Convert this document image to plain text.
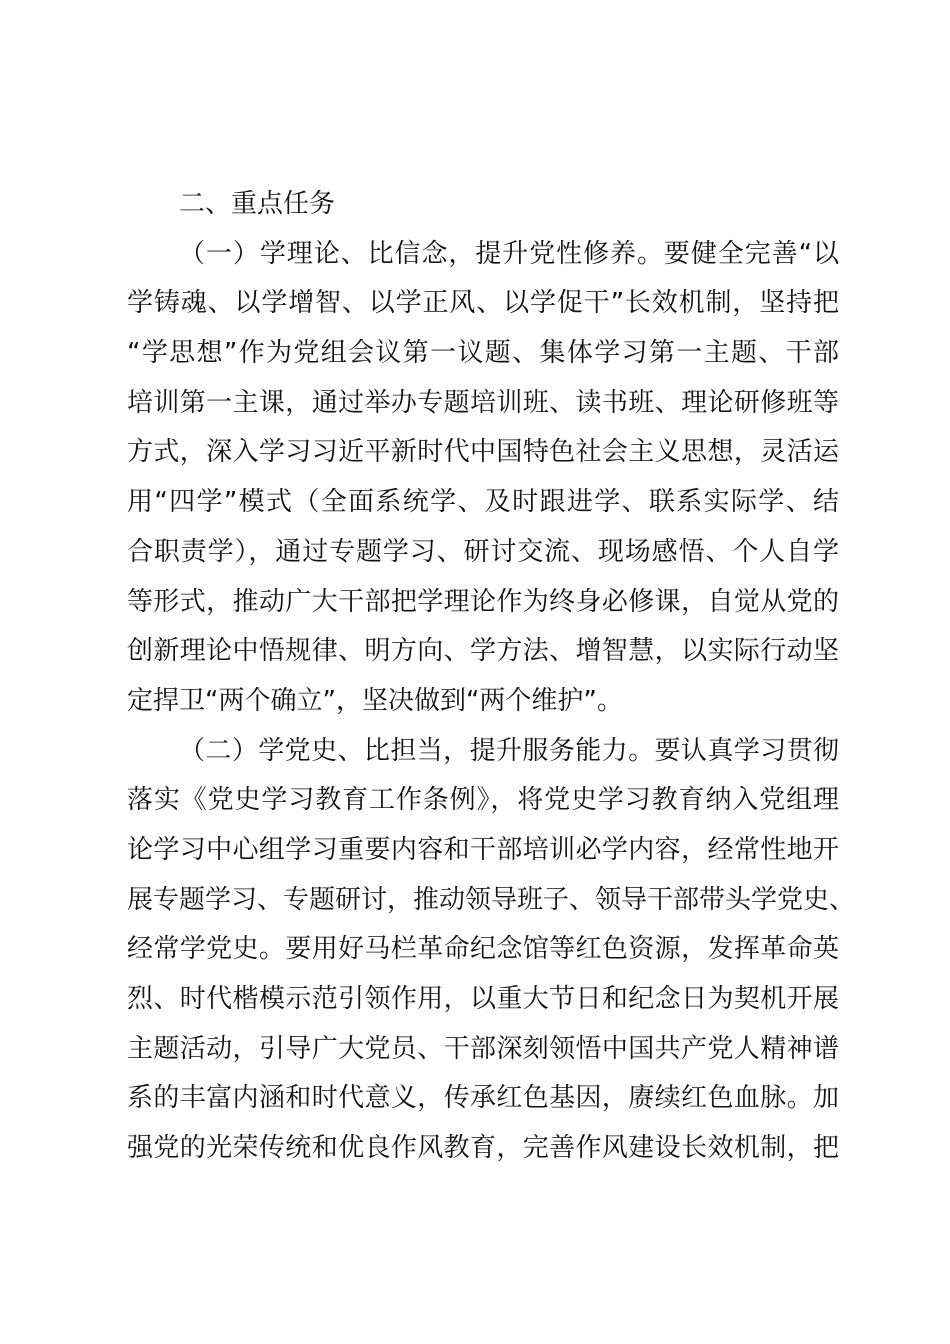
二、重点任务
（一）学理论、比信念，提升党性修养。要健全完善“以
学铸魂、以学增智、以学正风、以学促干”长效机制，坚持把
“学思想”作为党组会议第一议题、集体学习第一主题、干部
培训第一主课，通过举办专题培训班、读书班、理论研修班等
方式，深入学习习近平新时代中国特色社会主义思想，灵活运
用“四学”模式（全面系统学、及时跟进学、联系实际学、结
合职责学），通过专题学习、研讨交流、现场感悟、个人自学
等形式，推动广大干部把学理论作为终身必修课，自觉从党的
创新理论中悟规律、明方向、学方法、增智慧，以实际行动坚
定捍卫“两个确立”，坚决做到“两个维护”。
（二）学党史、比担当，提升服务能力。要认真学习贯彻
落实《党史学习教育工作条例》，将党史学习教育纳入党组理
论学习中心组学习重要内容和干部培训必学内容，经常性地开
展专题学习、专题研讨，推动领导班子、领导干部带头学党史、
经常学党史。要用好马栏革命纪念馆等红色资源，发挥革命英
烈、时代楷模示范引领作用，以重大节日和纪念日为契机开展
主题活动，引导广大党员、干部深刻领悟中国共产党人精神谱
系的丰富内涵和时代意义，传承红色基因，赓续红色血脉。加
强党的光荣传统和优良作风教育，完善作风建设长效机制，把
